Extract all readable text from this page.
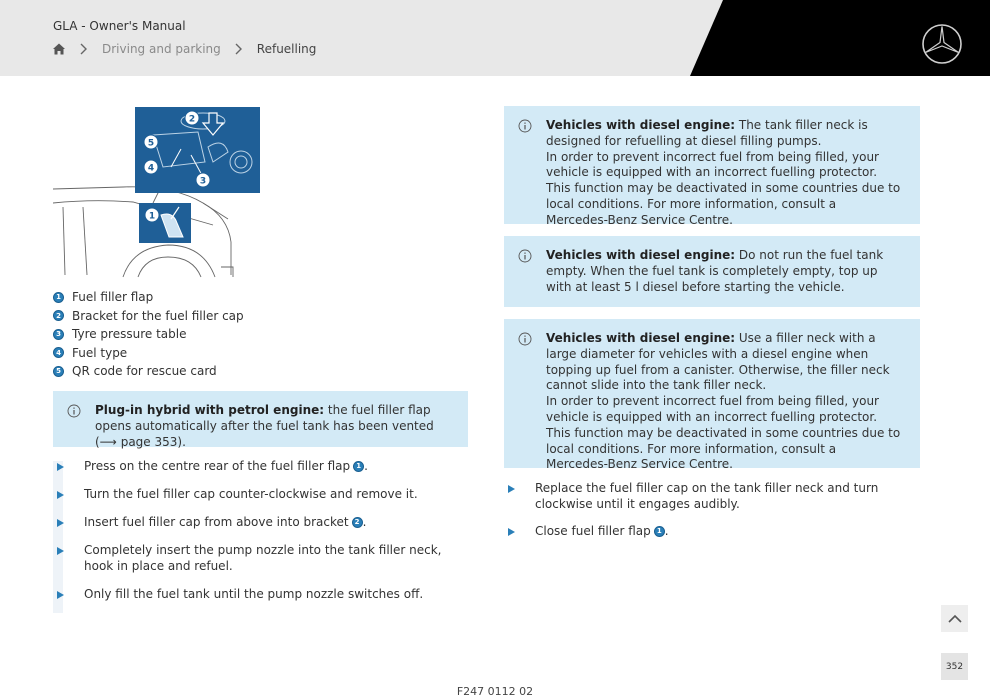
GLA - Owner's Manual
Driving and parking	Refuelling
2
5
4
3
1
1 Fuel filler flap
2 Bracket for the fuel filler cap
3 Tyre pressure table
4 Fuel type
5 QR code for rescue card
Plug-in hybrid with petrol engine: the fuel filler flap opens automatically after the fuel tank has been vented (⟶ page 353).
Press on the centre rear of the fuel filler flap 1 .
Turn the fuel filler cap counter-clockwise and remove it.
Insert fuel filler cap from above into bracket 2 .
Completely insert the pump nozzle into the tank filler neck, hook in place and refuel.
Only fill the fuel tank until the pump nozzle switches off.
Vehicles with diesel engine: The tank filler neck is designed for refuelling at diesel filling pumps.
In order to prevent incorrect fuel from being filled, your vehicle is equipped with an incorrect fuelling protector. This function may be deactivated in some countries due to local conditions. For more information, consult a Mercedes-Benz Service Centre.
Vehicles with diesel engine: Do not run the fuel tank empty. When the fuel tank is completely empty, top up with at least 5 l diesel before starting the vehicle.
Vehicles with diesel engine: Use a filler neck with a large diameter for vehicles with a diesel engine when topping up fuel from a canister. Otherwise, the filler neck cannot slide into the tank filler neck.
In order to prevent incorrect fuel from being filled, your vehicle is equipped with an incorrect fuelling protector. This function may be deactivated in some countries due to local conditions. For more information, consult a Mercedes-Benz Service Centre.
Replace the fuel filler cap on the tank filler neck and turn clockwise until it engages audibly.
Close fuel filler flap 1 .
352
F247 0112 02
